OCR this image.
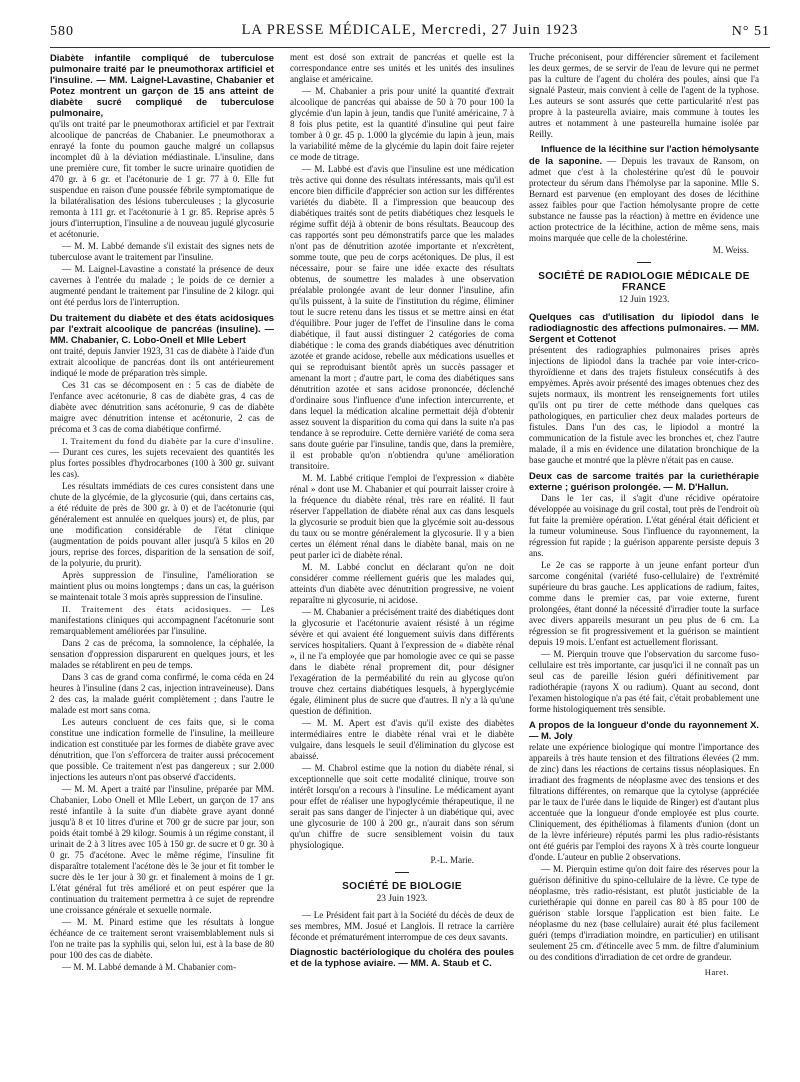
580	LA PRESSE MÉDICALE, Mercredi, 27 Juin 1923	N° 51

Diabète infantile compliqué de tuberculose pulmonaire traité par le pneumothorax artificiel et l'insuline. — MM. Laignel-Lavastine, Chabanier et Potez montrent un garçon de 15 ans atteint de diabète sucré compliqué de tuberculose pulmonaire,

qu'ils ont traité par le pneumothorax artificiel et par l'extrait alcoolique de pancréas de Chabanier. Le pneumothorax a enrayé la fonte du poumon gauche malgré un collapsus incomplet dû à la déviation médiastinale. L'insuline, dans une première cure, fit tomber le sucre urinaire quotidien de 470 gr. à 6 gr. et l'acétonurie de 1 gr. 77 à 0. Elle fut suspendue en raison d'une poussée fébrile symptomatique de la bilatéralisation des lésions tuberculeuses ; la glycosurie remonta à 111 gr. et l'acétonurie à 1 gr. 85. Reprise après 5 jours d'interruption, l'insuline a de nouveau jugulé glycosurie et acétonurie.

— M. M. Labbé demande s'il existait des signes nets de tuberculose avant le traitement par l'insuline.

— M. Laignel-Lavastine a constaté la présence de deux cavernes à l'entrée du malade ; le poids de ce dernier a augmenté pendant le traitement par l'insuline de 2 kilogr. qui ont été perdus lors de l'interruption.

Du traitement du diabète et des états acidosiques par l'extrait alcoolique de pancréas (insuline). — MM. Chabanier, C. Lobo-Onell et Mlle Lebert

ont traité, depuis Janvier 1923, 31 cas de diabète à l'aide d'un extrait alcoolique de pancréas dont ils ont antérieurement indiqué le mode de préparation très simple.

Ces 31 cas se décomposent en : 5 cas de diabète de l'enfance avec acétonurie, 8 cas de diabète gras, 4 cas de diabète avec dénutrition sans acétonurie, 9 cas de diabète maigre avec dénutrition intense et acétonurie, 2 cas de précoma et 3 cas de coma diabétique confirmé.

I. Traitement du fond du diabète par la cure d'insuline. — Durant ces cures, les sujets recevaient des quantités les plus fortes possibles d'hydrocarbones (100 à 300 gr. suivant les cas).

Les résultats immédiats de ces cures consistent dans une chute de la glycémie, de la glycosurie (qui, dans certains cas, a été réduite de près de 300 gr. à 0) et de l'acétonurie (qui généralement est annulée en quelques jours) et, de plus, par une modification considérable de l'état clinique (augmentation de poids pouvant aller jusqu'à 5 kilos en 20 jours, reprise des forces, disparition de la sensation de soif, de la polyurie, du prurit).

Après suppression de l'insuline, l'amélioration se maintient plus ou moins longtemps ; dans un cas, la guérison se maintenait totale 3 mois après suppression de l'insuline.

II. Traitement des états acidosiques. — Les manifestations cliniques qui accompagnent l'acétonurie sont remarquablement améliorées par l'insuline.

Dans 2 cas de précoma, la somnolence, la céphalée, la sensation d'oppression disparurent en quelques jours, et les malades se rétablirent en peu de temps.

Dans 3 cas de grand coma confirmé, le coma céda en 24 heures à l'insuline (dans 2 cas, injection intraveineuse). Dans 2 des cas, la malade guérit complètement ; dans l'autre le malade est mort sans coma.

Les auteurs concluent de ces faits que, si le coma constitue une indication formelle de l'insuline, la meilleure indication est constituée par les formes de diabète grave avec dénutrition, que l'on s'efforcera de traiter aussi précocement que possible. Ce traitement n'est pas dangereux ; sur 2.000 injections les auteurs n'ont pas observé d'accidents.

— M. M. Apert a traité par l'insuline, préparée par MM. Chabanier, Lobo Onell et Mlle Lebert, un garçon de 17 ans resté infantile à la suite d'un diabète grave ayant donné jusqu'à 8 et 10 litres d'urine et 700 gr de sucre par jour, son poids était tombé à 29 kilogr. Soumis à un régime constant, il urinait de 2 à 3 litres avec 105 à 150 gr. de sucre et 0 gr. 30 à 0 gr. 75 d'acétone. Avec le même régime, l'insuline fit disparaître totalement l'acétone dès le 3e jour et fit tomber le sucre dès le 1er jour à 30 gr. et finalement à moins de 1 gr. L'état général fut très amélioré et on peut espérer que la continuation du traitement permettra à ce sujet de reprendre une croissance générale et sexuelle normale.

— M. M. Pinard estime que les résultats à longue échéance de ce traitement seront vraisemblablement nuls si l'on ne traite pas la syphilis qui, selon lui, est à la base de 80 pour 100 des cas de diabète.

— M. M. Labbé demande à M. Chabanier com-

ment est dosé son extrait de pancréas et quelle est la correspondance entre ses unités et les unités des insulines anglaise et américaine.

— M. Chabanier a pris pour unité la quantité d'extrait alcoolique de pancréas qui abaisse de 50 à 70 pour 100 la glycémie d'un lapin à jeun, tandis que l'unité américaine, 7 à 8 fois plus petite, est la quantité d'insuline qui peut faire tomber à 0 gr. 45 p. 1.000 la glycémie du lapin à jeun, mais la variabilité même de la glycémie du lapin doit faire rejeter ce mode de titrage.

— M. Labbé est d'avis que l'insuline est une médication très active qui donne des résultats intéressants, mais qu'il est encore bien difficile d'apprécier son action sur les différentes variétés du diabète. Il a l'impression que beaucoup des diabétiques traités sont de petits diabétiques chez lesquels le régime suffit déjà à obtenir de bons résultats. Beaucoup des cas rapportés sont peu démonstratifs parce que les malades n'ont pas de dénutrition azotée importante et n'excrètent, somme toute, que peu de corps acétoniques. De plus, il est nécessaire, pour se faire une idée exacte des résultats obtenus, de soumettre les malades à une observation préalable prolongée avant de leur donner l'insuline, afin qu'ils puissent, à la suite de l'institution du régime, éliminer tout le sucre retenu dans les tissus et se mettre ainsi en état d'équilibre. Pour juger de l'effet de l'insuline dans le coma diabétique, il faut aussi distinguer 2 catégories de coma diabétique : le coma des grands diabétiques avec dénutrition azotée et grande acidose, rebelle aux médications usuelles et qui se reproduisant bientôt après un succès passager et amenant la mort ; d'autre part, le coma des diabétiques sans dénutrition azotée et sans acidose prononcée, déclenché d'ordinaire sous l'influence d'une infection intercurrente, et dans lequel la médication alcaline permettait déjà d'obtenir assez souvent la disparition du coma qui dans la suite n'a pas tendance à se reproduire. Cette dernière variété de coma sera sans doute guérie par l'insuline, tandis que, dans la première, il est probable qu'on n'obtiendra qu'une amélioration transitoire.

M. M. Labbé critique l'emploi de l'expression « diabète rénal » dont use M. Chabanier et qui pourrait laisser croire à la fréquence du diabète rénal, très rare en réalité. Il faut réserver l'appellation de diabète rénal aux cas dans lesquels la glycosurie se produit bien que la glycémie soit au-dessous du taux ou se montre généralement la glycosurie. Il y a bien certes un élément rénal dans le diabète banal, mais on ne peut parler ici de diabète rénal.

M. M. Labbé conclut en déclarant qu'on ne doit considérer comme réellement guéris que les malades qui, atteints d'un diabète avec dénutrition progressive, ne voient reparaître ni glycosurie, ni acidose.

— M. Chabanier a précisément traité des diabétiques dont la glycosurie et l'acétonurie avaient résisté à un régime sévère et qui avaient été longuement suivis dans différents services hospitaliers. Quant à l'expression de « diabète rénal », il ne l'a employée que par homologie avec ce qui se passe dans le diabète rénal proprement dit, pour désigner l'exagération de la perméabilité du rein au glycose qu'on trouve chez certains diabétiques lesquels, à hyperglycémie égale, éliminent plus de sucre que d'autres. Il n'y a là qu'une question de définition.

— M. M. Apert est d'avis qu'il existe des diabètes intermédiaires entre le diabète rénal vrai et le diabète vulgaire, dans lesquels le seuil d'élimination du glycose est abaissé.

— M. Chabrol estime que la notion du diabète rénal, si exceptionnelle que soit cette modalité clinique, trouve son intérêt lorsqu'on a recours à l'insuline. Le médicament ayant pour effet de réaliser une hypoglycémie thérapeutique, il ne serait pas sans danger de l'injecter à un diabétique qui, avec une glycosurie de 100 à 200 gr., n'aurait dans son sérum qu'un chiffre de sucre sensiblement voisin du taux physiologique.

P.-L. Marie.
SOCIÉTÉ DE BIOLOGIE
23 Juin 1923.

— Le Président fait part à la Société du décès de deux de ses membres, MM. Josué et Langlois. Il retrace la carrière féconde et prématurément interrompue de ces deux savants.

Diagnostic bactériologique du choléra des poules et de la typhose aviaire. — MM. A. Staub et C.

Truche préconisent, pour différencier sûrement et facilement les deux germes, de se servir de l'eau de levure qui ne permet pas la culture de l'agent du choléra des poules, ainsi que l'a signalé Pasteur, mais convient à celle de l'agent de la typhose. Les auteurs se sont assurés que cette particularité n'est pas propre à la pasteurella aviaire, mais commune à toutes les autres et notamment à une pasteurella humaine isolée par Reilly.

Influence de la lécithine sur l'action hémolysante de la saponine. — Depuis les travaux de Ransom, on admet que c'est à la cholestérine qu'est dû le pouvoir protecteur du sérum dans l'hémolyse par la saponine. Mlle S. Bernard est parvenue (en employant des doses de lécithine assez faibles pour que l'action hémolysante propre de cette substance ne fausse pas la réaction) à mettre en évidence une action protectrice de la lécithine, action de même sens, mais moins marquée que celle de la cholestérine.

M. Weiss.
SOCIÉTÉ DE RADIOLOGIE MÉDICALE DE FRANCE
12 Juin 1923.

Quelques cas d'utilisation du lipiodol dans le radiodiagnostic des affections pulmonaires. — MM. Sergent et Cottenot

présentent des radiographies pulmonaires prises après injections de lipiodol dans la trachée par voie inter-crico-thyroïdienne et dans des trajets fistuleux consécutifs à des empyèmes. Après avoir présenté des images obtenues chez des sujets normaux, ils montrent les renseignements fort utiles qu'ils ont pu tirer de cette méthode dans quelques cas pathologiques, en particulier chez deux malades porteurs de fistules. Dans l'un des cas, le lipiodol a montré la communication de la fistule avec les bronches et, chez l'autre malade, il a mis en évidence une dilatation bronchique de la base gauche et montré que la plèvre n'était pas en cause.

Deux cas de sarcome traités par la curiethérapie externe ; guérison prolongée. — M. D'Hallun.

Dans le 1er cas, il s'agit d'une récidive opératoire développée au voisinage du gril costal, tout près de l'endroit où fut faite la première opération. L'état général était déficient et la tumeur volumineuse. Sous l'influence du rayonnement, la régression fut rapide ; la guérison apparente persiste depuis 3 ans.

Le 2e cas se rapporte à un jeune enfant porteur d'un sarcome congénital (variété fuso-cellulaire) de l'extrémité supérieure du bras gauche. Les applications de radium, faites, comme dans le premier cas, par voie externe, furent prolongées, étant donné la nécessité d'irradier toute la surface avec divers appareils mesurant un peu plus de 6 cm. La régression se fit progressivement et la guérison se maintient depuis 19 mois. L'enfant est actuellement florissant.

— M. Pierquin trouve que l'observation du sarcome fuso-cellulaire est très importante, car jusqu'ici il ne connaît pas un seul cas de pareille lésion guéri définitivement par radiothérapie (rayons X ou radium). Quant au second, dont l'examen histologique n'a pas été fait, c'était probablement une forme histologiquement très sensible.

A propos de la longueur d'onde du rayonnement X. — M. Joly

relate une expérience biologique qui montre l'importance des appareils à très haute tension et des filtrations élevées (2 mm. de zinc) dans les réactions de certains tissus néoplasiques. En irradiant des fragments de néoplasme avec des tensions et des filtrations différentes, on remarque que la cytolyse (appréciée par le taux de l'urée dans le liquide de Ringer) est d'autant plus accentuée que la longueur d'onde employée est plus courte. Cliniquement, des épithéliomas à filaments d'union (dont un de la lèvre inférieure) réputés parmi les plus radio-résistants ont été guéris par l'emploi des rayons X à très courte longueur d'onde. L'auteur en publie 2 observations.

— M. Pierquin estime qu'on doit faire des réserves pour la guérison définitive du spino-cellulaire de la lèvre. Ce type de néoplasme, très radio-résistant, est plutôt justiciable de la curiethérapie qui donne en pareil cas 80 à 85 pour 100 de guérison stable lorsque l'application est bien faite. Le néoplasme du nez (base cellulaire) aurait été plus facilement guéri (temps d'irradiation moindre, en particulier) en utilisant seulement 25 cm. d'étincelle avec 5 mm. de filtre d'aluminium ou des conditions d'irradiation de cet ordre de grandeur.

Haret.
